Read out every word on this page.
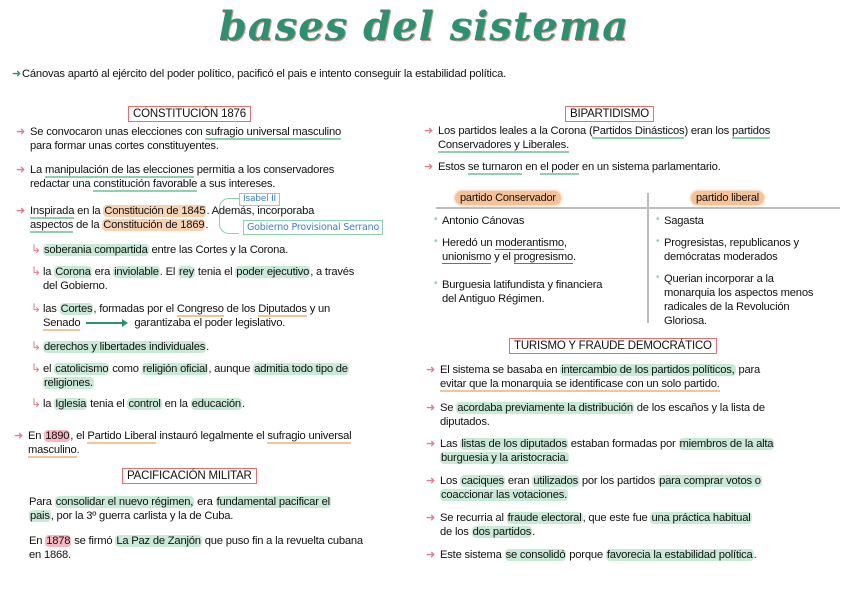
bases del sistema
➜Cánovas apartó al ejército del poder político, pacificó el pais e intento conseguir la estabilidad política.
CONSTITUCIÓN 1876
➜ Se convocaron unas elecciones con sufragio universal masculino
para formar unas cortes constituyentes.
➜ La manipulación de las elecciones permitia a los conservadores
redactar una constitución favorable a sus intereses.
Isabel II
Gobierno Provisional Serrano
➜ Inspirada en la Constitución de 1845. Además, incorporaba
aspectos de la Constitución de 1869.
↳ soberania compartida entre las Cortes y la Corona.
↳ la Corona era inviolable. El rey tenia el poder ejecutivo, a través
del Gobierno.
↳ las Cortes, formadas por el Congreso de los Diputados y un
Senado	garantizaba el poder legislativo.
↳ derechos y libertades individuales.
↳ el catolicismo como religión oficial, aunque admitia todo tipo de
religiones.
↳ la Iglesia tenia el control en la educación.
➜ En 1890, el Partido Liberal instauró legalmente el sufragio universal
masculino.
PACIFICACIÓN MILITAR
Para consolidar el nuevo régimen, era fundamental pacificar el
pais, por la 3º guerra carlista y la de Cuba.
En 1878 se firmó La Paz de Zanjón que puso fin a la revuelta cubana
en 1868.
BIPARTIDISMO
➜ Los partidos leales a la Corona (Partidos Dinásticos) eran los partidos
Conservadores y Liberales.
➜ Estos se turnaron en el poder en un sistema parlamentario.
partido Conservador	partido liberal
• Antonio Cánovas
• Heredó un moderantismo,
unionismo y el progresismo.
• Burguesia latifundista y financiera
del Antiguo Régimen.
• Sagasta
• Progresistas, republicanos y
demócratas moderados
• Querian incorporar a la
monarquia los aspectos menos
radicales de la Revolución
Gloriosa.
TURISMO Y FRAUDE DEMOCRÁTICO
➜ El sistema se basaba en intercambio de los partidos políticos, para
evitar que la monarquia se identificase con un solo partido.
➜ Se acordaba previamente la distribución de los escaños y la lista de
diputados.
➜ Las listas de los diputados estaban formadas por miembros de la alta
burguesia y la aristocracia.
➜ Los caciques eran utilizados por los partidos para comprar votos o
coaccionar las votaciones.
➜ Se recurria al fraude electoral, que este fue una práctica habitual
de los dos partidos.
➜ Este sistema se consolidó porque favorecia la estabilidad política.
